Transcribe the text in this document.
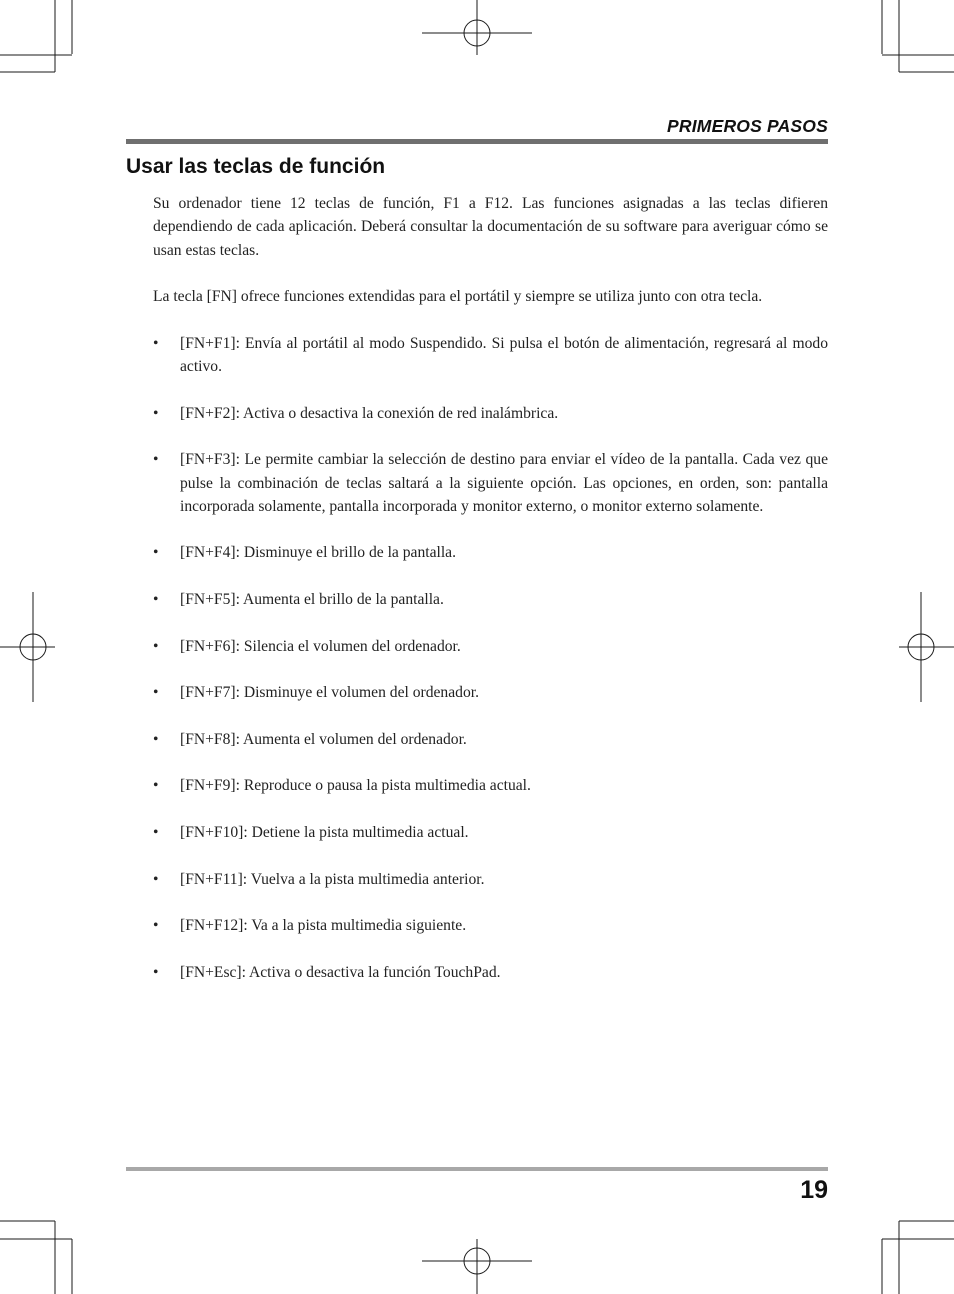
PRIMEROS PASOS
Usar las teclas de función

Su ordenador tiene 12 teclas de función, F1 a F12. Las funciones asignadas a las teclas difieren dependiendo de cada aplicación. Deberá consultar la documentación de su software para averiguar cómo se usan estas teclas.

La tecla [FN] ofrece funciones extendidas para el portátil y siempre se utiliza junto con otra tecla.

• [FN+F1]: Envía al portátil al modo Suspendido. Si pulsa el botón de alimentación, regresará al modo activo.
• [FN+F2]: Activa o desactiva la conexión de red inalámbrica.
• [FN+F3]: Le permite cambiar la selección de destino para enviar el vídeo de la pantalla. Cada vez que pulse la combinación de teclas saltará a la siguiente opción. Las opciones, en orden, son: pantalla incorporada solamente, pantalla incorporada y monitor externo, o monitor externo solamente.
• [FN+F4]: Disminuye el brillo de la pantalla.
• [FN+F5]: Aumenta el brillo de la pantalla.
• [FN+F6]: Silencia el volumen del ordenador.
• [FN+F7]: Disminuye el volumen del ordenador.
• [FN+F8]: Aumenta el volumen del ordenador.
• [FN+F9]: Reproduce o pausa la pista multimedia actual.
• [FN+F10]: Detiene la pista multimedia actual.
• [FN+F11]: Vuelva a la pista multimedia anterior.
• [FN+F12]: Va a la pista multimedia siguiente.
• [FN+Esc]: Activa o desactiva la función TouchPad.
19
